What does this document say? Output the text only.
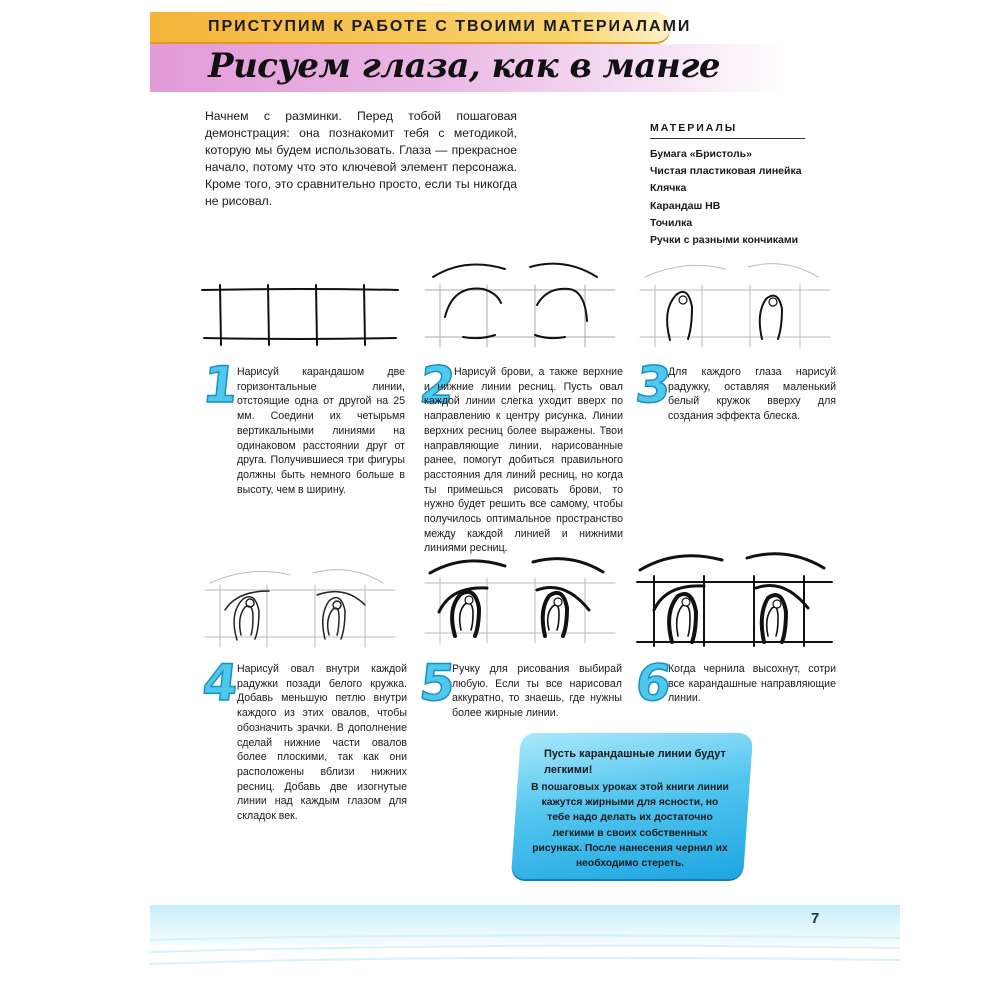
ПРИСТУПИМ К РАБОТЕ С ТВОИМИ МАТЕРИАЛАМИ
Рисуем глаза, как в манге
Начнем с разминки. Перед тобой пошаговая демонстрация: она познакомит тебя с методикой, которую мы будем использовать. Глаза — прекрасное начало, потому что это ключевой элемент персонажа. Кроме того, это сравнительно просто, если ты никогда не рисовал.
МАТЕРИАЛЫ
Бумага «Бристоль»
Чистая пластиковая линейка
Клячка
Карандаш НВ
Точилка
Ручки с разными кончиками
1
Нарисуй карандашом две горизонтальные линии, отстоящие одна от другой на 25 мм. Соедини их четырьмя вертикальными линиями на одинаковом расстоянии друг от друга. Получившиеся три фигуры должны быть немного больше в высоту, чем в ширину.
2
Нарисуй брови, а также верхние и нижние линии ресниц. Пусть овал каждой линии слегка уходит вверх по направлению к центру рисунка. Линии верхних ресниц более выражены. Твои направляющие линии, нарисованные ранее, помогут добиться правильного расстояния для линий ресниц, но когда ты примешься рисовать брови, то нужно будет решить все самому, чтобы получилось оптимальное пространство между каждой линией и нижними линиями ресниц.
3
Для каждого глаза нарисуй радужку, оставляя маленький белый кружок вверху для создания эффекта блеска.
4
Нарисуй овал внутри каждой радужки позади белого кружка. Добавь меньшую петлю внутри каждого из этих овалов, чтобы обозначить зрачки. В дополнение сделай нижние части овалов более плоскими, так как они расположены вблизи нижних ресниц. Добавь две изогнутые линии над каждым глазом для складок век.
5
Ручку для рисования выбирай любую. Если ты все нарисовал аккуратно, то знаешь, где нужны более жирные линии.
6
Когда чернила высохнут, сотри все карандашные направляющие линии.
Пусть карандашные линии будут легкими!
В пошаговых уроках этой книги линии кажутся жирными для ясности, но тебе надо делать их достаточно легкими в своих собственных рисунках. После нанесения чернил их необходимо стереть.
7
